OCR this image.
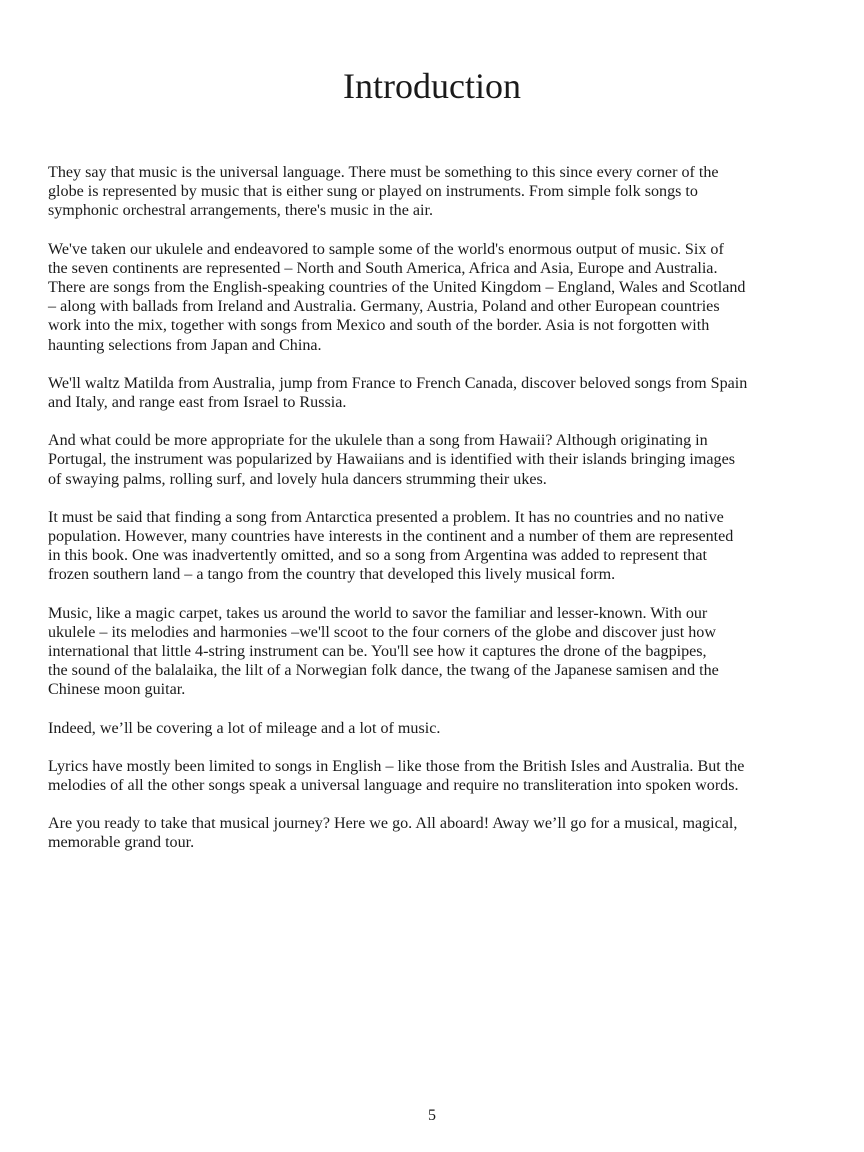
Introduction

They say that music is the universal language. There must be something to this since every corner of the
globe is represented by music that is either sung or played on instruments. From simple folk songs to
symphonic orchestral arrangements, there's music in the air.

We've taken our ukulele and endeavored to sample some of the world's enormous output of music. Six of
the seven continents are represented – North and South America, Africa and Asia, Europe and Australia.
There are songs from the English-speaking countries of the United Kingdom – England, Wales and Scotland
– along with ballads from Ireland and Australia. Germany, Austria, Poland and other European countries
work into the mix, together with songs from Mexico and south of the border. Asia is not forgotten with
haunting selections from Japan and China.

We'll waltz Matilda from Australia, jump from France to French Canada, discover beloved songs from Spain
and Italy, and range east from Israel to Russia.

And what could be more appropriate for the ukulele than a song from Hawaii? Although originating in
Portugal, the instrument was popularized by Hawaiians and is identified with their islands bringing images
of swaying palms, rolling surf, and lovely hula dancers strumming their ukes.

It must be said that finding a song from Antarctica presented a problem. It has no countries and no native
population. However, many countries have interests in the continent and a number of them are represented
in this book. One was inadvertently omitted, and so a song from Argentina was added to represent that
frozen southern land – a tango from the country that developed this lively musical form.

Music, like a magic carpet, takes us around the world to savor the familiar and lesser-known. With our
ukulele – its melodies and harmonies –we'll scoot to the four corners of the globe and discover just how
international that little 4-string instrument can be. You'll see how it captures the drone of the bagpipes,
the sound of the balalaika, the lilt of a Norwegian folk dance, the twang of the Japanese samisen and the
Chinese moon guitar.

Indeed, we’ll be covering a lot of mileage and a lot of music.

Lyrics have mostly been limited to songs in English – like those from the British Isles and Australia. But the
melodies of all the other songs speak a universal language and require no transliteration into spoken words.

Are you ready to take that musical journey? Here we go. All aboard! Away we’ll go for a musical, magical,
memorable grand tour.

5
